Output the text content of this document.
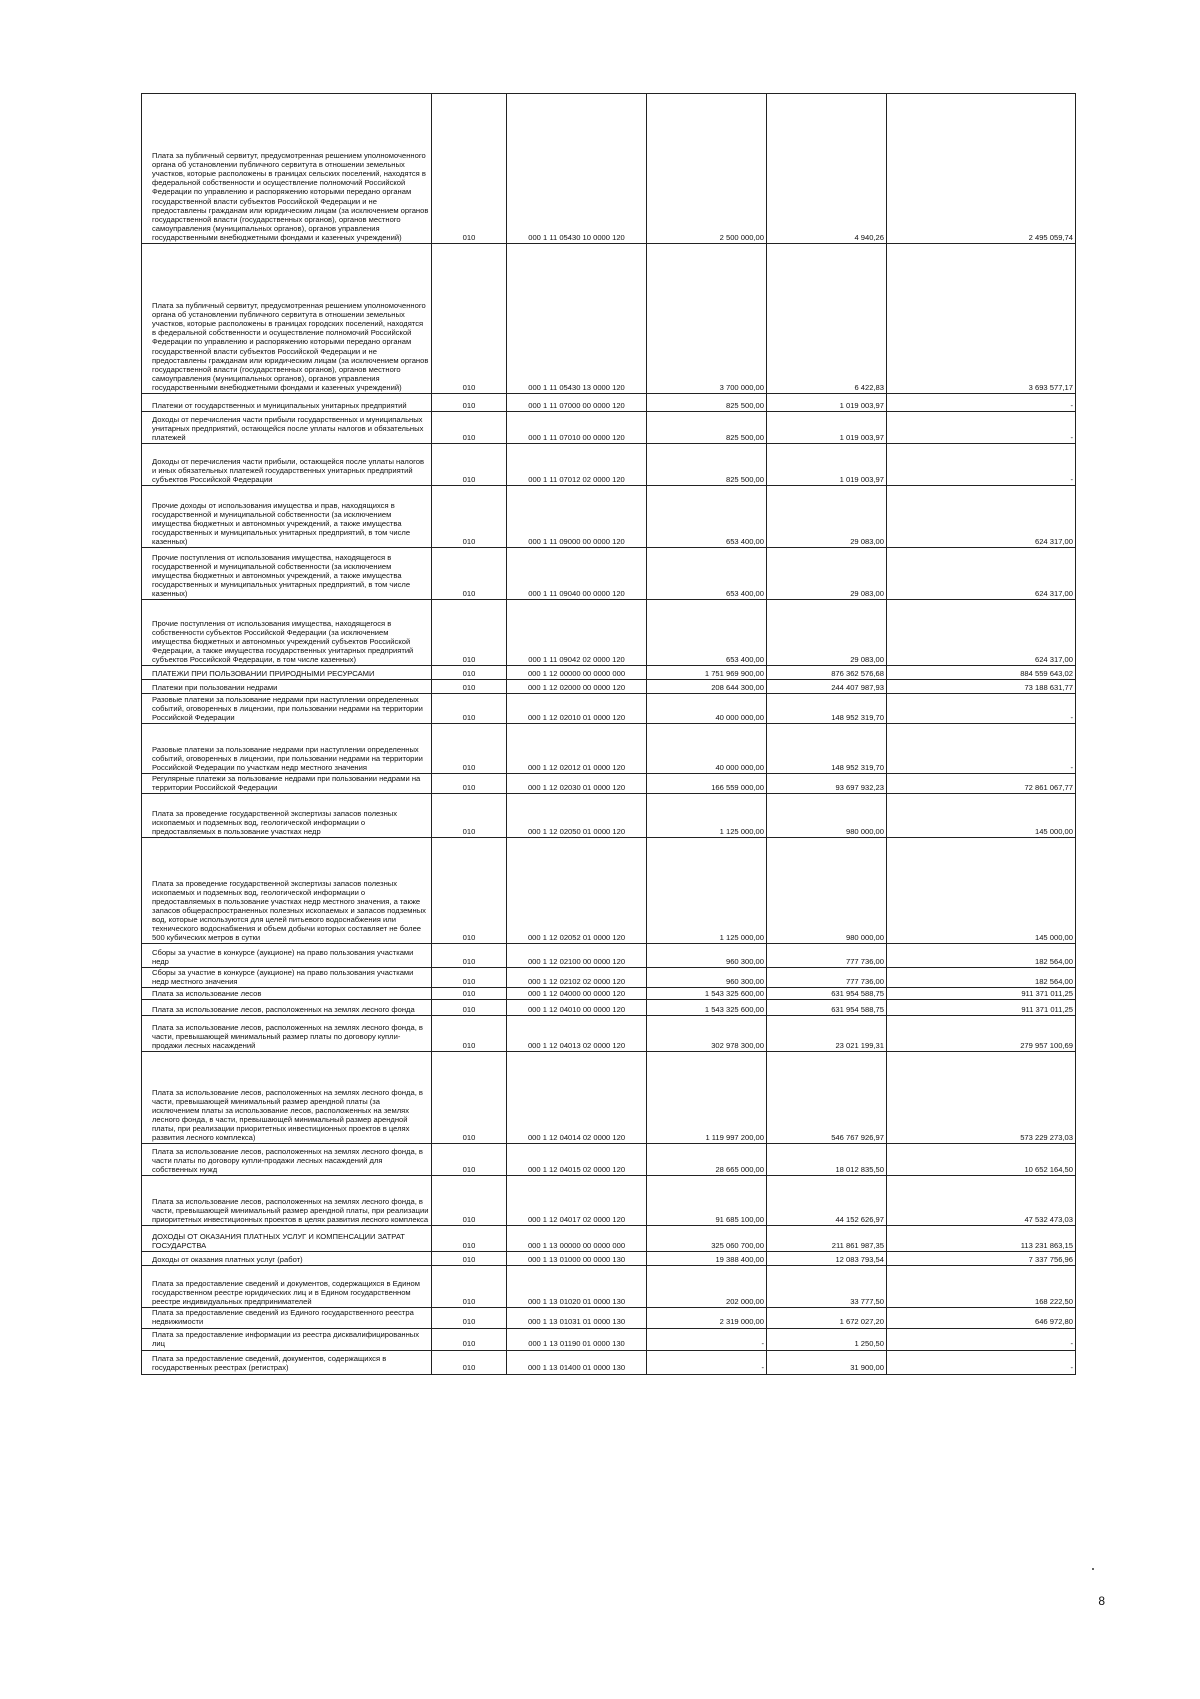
Плата за публичный сервитут, предусмотренная решением уполномоченного органа об установлении публичного сервитута в отношении земельных участков, которые расположены в границах сельских поселений, находятся в федеральной собственности и осуществление полномочий Российской Федерации по управлению и распоряжению которыми передано органам государственной власти субъектов Российской Федерации и не предоставлены гражданам или юридическим лицам (за исключением органов государственной власти (государственных органов), органов местного самоуправления (муниципальных органов), органов управления государственными внебюджетными фондами и казенных учреждений)	010	000 1 11 05430 10 0000 120	2 500 000,00	4 940,26	2 495 059,74
Плата за публичный сервитут, предусмотренная решением уполномоченного органа об установлении публичного сервитута в отношении земельных участков, которые расположены в границах городских поселений, находятся в федеральной собственности и осуществление полномочий Российской Федерации по управлению и распоряжению которыми передано органам государственной власти субъектов Российской Федерации и не предоставлены гражданам или юридическим лицам (за исключением органов государственной власти (государственных органов), органов местного самоуправления (муниципальных органов), органов управления государственными внебюджетными фондами и казенных учреждений)	010	000 1 11 05430 13 0000 120	3 700 000,00	6 422,83	3 693 577,17
Платежи от государственных и муниципальных унитарных предприятий	010	000 1 11 07000 00 0000 120	825 500,00	1 019 003,97	-
Доходы от перечисления части прибыли государственных и муниципальных унитарных предприятий, остающейся после уплаты налогов и обязательных платежей	010	000 1 11 07010 00 0000 120	825 500,00	1 019 003,97	-
Доходы от перечисления части прибыли, остающейся после уплаты налогов и иных обязательных платежей государственных унитарных предприятий субъектов Российской Федерации	010	000 1 11 07012 02 0000 120	825 500,00	1 019 003,97	-
Прочие доходы от использования имущества и прав, находящихся в государственной и муниципальной собственности (за исключением имущества бюджетных и автономных учреждений, а также имущества государственных и муниципальных унитарных предприятий, в том числе казенных)	010	000 1 11 09000 00 0000 120	653 400,00	29 083,00	624 317,00
Прочие поступления от использования имущества, находящегося в государственной и муниципальной собственности (за исключением имущества бюджетных и автономных учреждений, а также имущества государственных и муниципальных унитарных предприятий, в том числе казенных)	010	000 1 11 09040 00 0000 120	653 400,00	29 083,00	624 317,00
Прочие поступления от использования имущества, находящегося в собственности субъектов Российской Федерации (за исключением имущества бюджетных и автономных учреждений субъектов Российской Федерации, а также имущества государственных унитарных предприятий субъектов Российской Федерации, в том числе казенных)	010	000 1 11 09042 02 0000 120	653 400,00	29 083,00	624 317,00
ПЛАТЕЖИ ПРИ ПОЛЬЗОВАНИИ ПРИРОДНЫМИ РЕСУРСАМИ	010	000 1 12 00000 00 0000 000	1 751 969 900,00	876 362 576,68	884 559 643,02
Платежи при пользовании недрами	010	000 1 12 02000 00 0000 120	208 644 300,00	244 407 987,93	73 188 631,77
Разовые платежи за пользование недрами при наступлении определенных событий, оговоренных в лицензии, при пользовании недрами на территории Российской Федерации	010	000 1 12 02010 01 0000 120	40 000 000,00	148 952 319,70	-
Разовые платежи за пользование недрами при наступлении определенных событий, оговоренных в лицензии, при пользовании недрами на территории Российской Федерации по участкам недр местного значения	010	000 1 12 02012 01 0000 120	40 000 000,00	148 952 319,70	-
Регулярные платежи за пользование недрами при пользовании недрами на территории Российской Федерации	010	000 1 12 02030 01 0000 120	166 559 000,00	93 697 932,23	72 861 067,77
Плата за проведение государственной экспертизы запасов полезных ископаемых и подземных вод, геологической информации о предоставляемых в пользование участках недр	010	000 1 12 02050 01 0000 120	1 125 000,00	980 000,00	145 000,00
Плата за проведение государственной экспертизы запасов полезных ископаемых и подземных вод, геологической информации о предоставляемых в пользование участках недр местного значения, а также запасов общераспространенных полезных ископаемых и запасов подземных вод, которые используются для целей питьевого водоснабжения или технического водоснабжения и объем добычи которых составляет не более 500 кубических метров в сутки	010	000 1 12 02052 01 0000 120	1 125 000,00	980 000,00	145 000,00
Сборы за участие в конкурсе (аукционе) на право пользования участками недр	010	000 1 12 02100 00 0000 120	960 300,00	777 736,00	182 564,00
Сборы за участие в конкурсе (аукционе) на право пользования участками недр местного значения	010	000 1 12 02102 02 0000 120	960 300,00	777 736,00	182 564,00
Плата за использование лесов	010	000 1 12 04000 00 0000 120	1 543 325 600,00	631 954 588,75	911 371 011,25
Плата за использование лесов, расположенных на землях лесного фонда	010	000 1 12 04010 00 0000 120	1 543 325 600,00	631 954 588,75	911 371 011,25
Плата за использование лесов, расположенных на землях лесного фонда, в части, превышающей минимальный размер платы по договору купли-продажи лесных насаждений	010	000 1 12 04013 02 0000 120	302 978 300,00	23 021 199,31	279 957 100,69
Плата за использование лесов, расположенных на землях лесного фонда, в части, превышающей минимальный размер арендной платы (за исключением платы за использование лесов, расположенных на землях лесного фонда, в части, превышающей минимальный размер арендной платы, при реализации приоритетных инвестиционных проектов в целях развития лесного комплекса)	010	000 1 12 04014 02 0000 120	1 119 997 200,00	546 767 926,97	573 229 273,03
Плата за использование лесов, расположенных на землях лесного фонда, в части платы по договору купли-продажи лесных насаждений для собственных нужд	010	000 1 12 04015 02 0000 120	28 665 000,00	18 012 835,50	10 652 164,50
Плата за использование лесов, расположенных на землях лесного фонда, в части, превышающей минимальный размер арендной платы, при реализации приоритетных инвестиционных проектов в целях развития лесного комплекса	010	000 1 12 04017 02 0000 120	91 685 100,00	44 152 626,97	47 532 473,03
ДОХОДЫ ОТ ОКАЗАНИЯ ПЛАТНЫХ УСЛУГ И КОМПЕНСАЦИИ ЗАТРАТ ГОСУДАРСТВА	010	000 1 13 00000 00 0000 000	325 060 700,00	211 861 987,35	113 231 863,15
Доходы от оказания платных услуг (работ)	010	000 1 13 01000 00 0000 130	19 388 400,00	12 083 793,54	7 337 756,96
Плата за предоставление сведений и документов, содержащихся в Едином государственном реестре юридических лиц и в Едином государственном реестре индивидуальных предпринимателей	010	000 1 13 01020 01 0000 130	202 000,00	33 777,50	168 222,50
Плата за предоставление сведений из Единого государственного реестра недвижимости	010	000 1 13 01031 01 0000 130	2 319 000,00	1 672 027,20	646 972,80
Плата за предоставление информации из реестра дисквалифицированных лиц	010	000 1 13 01190 01 0000 130	-	1 250,50	-
Плата за предоставление сведений, документов, содержащихся в государственных реестрах (регистрах)	010	000 1 13 01400 01 0000 130	-	31 900,00	-
8
